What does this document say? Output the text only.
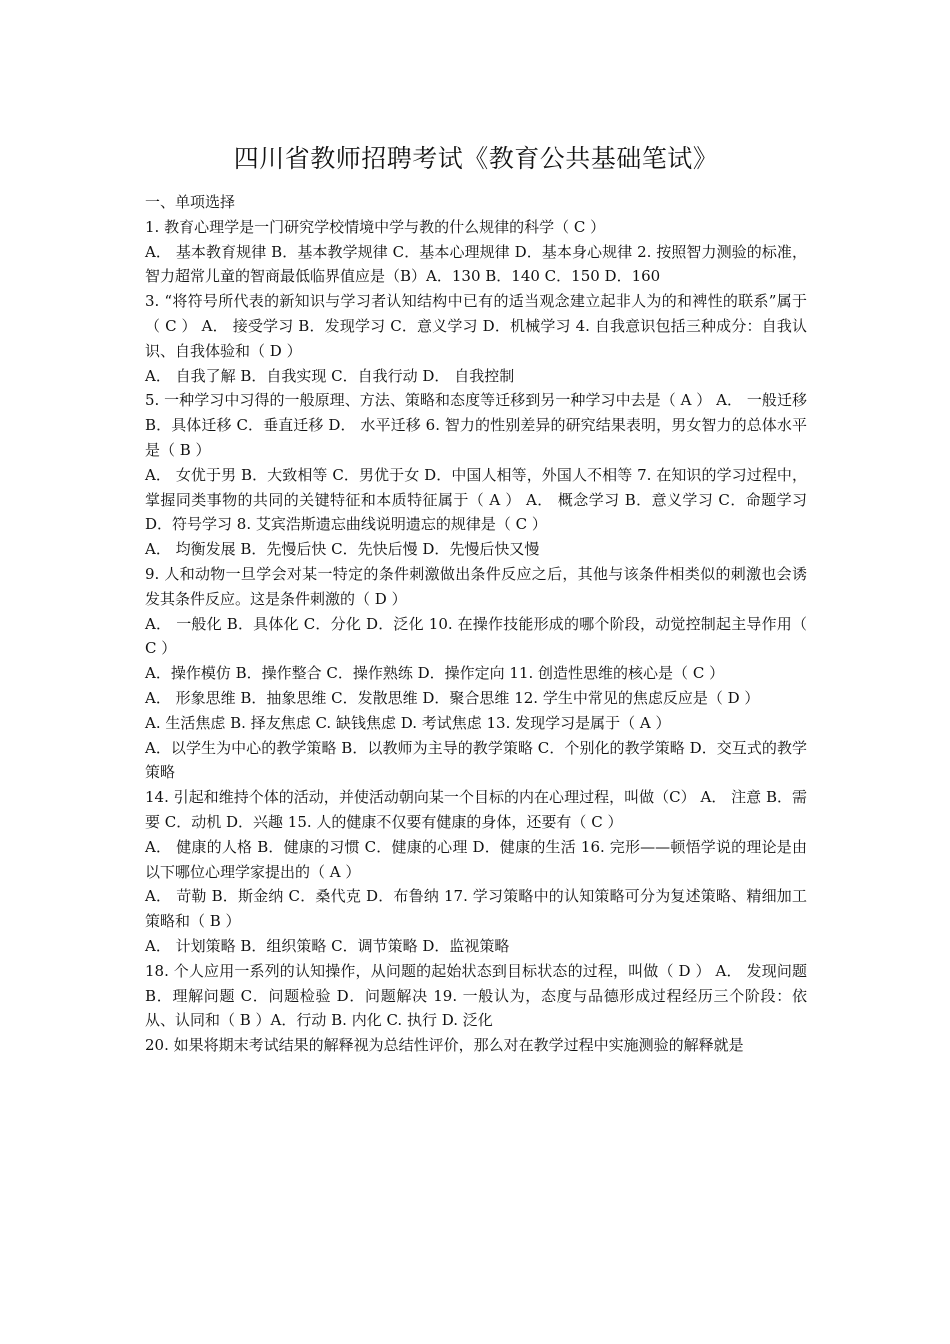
四川省教师招聘考试《教育公共基础笔试》
一、单项选择
1. 教育心理学是一门研究学校情境中学与教的什么规律的科学（ C ）
A． 基本教育规律 B．基本教学规律 C．基本心理规律 D．基本身心规律 2. 按照智力测验的标准，智力超常儿童的智商最低临界值应是（B）A．130 B．140 C．150 D．160
3. “将符号所代表的新知识与学习者认知结构中已有的适当观念建立起非人为的和裨性的联系”属于（ C ） A． 接受学习 B．发现学习 C．意义学习 D．机械学习 4. 自我意识包括三种成分：自我认识、自我体验和（ D ）
A． 自我了解 B．自我实现 C．自我行动 D． 自我控制
5. 一种学习中习得的一般原理、方法、策略和态度等迁移到另一种学习中去是（ A ） A． 一般迁移 B．具体迁移 C．垂直迁移 D． 水平迁移 6. 智力的性别差异的研究结果表明，男女智力的总体水平是（ B ）
A． 女优于男 B．大致相等 C．男优于女 D．中国人相等，外国人不相等 7. 在知识的学习过程中，掌握同类事物的共同的关键特征和本质特征属于（ A ） A． 概念学习 B．意义学习 C．命题学习 D．符号学习 8. 艾宾浩斯遗忘曲线说明遗忘的规律是（ C ）
A． 均衡发展 B．先慢后快 C．先快后慢 D．先慢后快又慢
9. 人和动物一旦学会对某一特定的条件刺激做出条件反应之后，其他与该条件相类似的刺激也会诱发其条件反应。这是条件刺激的（ D ）
A． 一般化 B．具体化 C．分化 D．泛化 10. 在操作技能形成的哪个阶段，动觉控制起主导作用（ C ）
A．操作模仿 B．操作整合 C．操作熟练 D．操作定向 11. 创造性思维的核心是（ C ）
A． 形象思维 B．抽象思维 C．发散思维 D．聚合思维 12. 学生中常见的焦虑反应是（ D ）
A. 生活焦虑 B. 择友焦虑 C. 缺钱焦虑 D. 考试焦虑 13. 发现学习是属于（ A ）
A．以学生为中心的教学策略 B．以教师为主导的教学策略 C．个别化的教学策略 D．交互式的教学策略
14. 引起和维持个体的活动，并使活动朝向某一个目标的内在心理过程，叫做（C） A． 注意 B．需要 C．动机 D．兴趣 15. 人的健康不仅要有健康的身体，还要有（ C ）
A． 健康的人格 B．健康的习惯 C．健康的心理 D．健康的生活 16. 完形——顿悟学说的理论是由以下哪位心理学家提出的（ A ）
A． 苛勒 B．斯金纳 C．桑代克 D．布鲁纳 17. 学习策略中的认知策略可分为复述策略、精细加工策略和（ B ）
A． 计划策略 B．组织策略 C．调节策略 D．监视策略
18. 个人应用一系列的认知操作，从问题的起始状态到目标状态的过程，叫做（ D ） A． 发现问题 B．理解问题 C．问题检验 D．问题解决 19. 一般认为，态度与品德形成过程经历三个阶段：依从、认同和（ B ）A．行动 B. 内化 C. 执行 D. 泛化
20. 如果将期末考试结果的解释视为总结性评价，那么对在教学过程中实施测验的解释就是
